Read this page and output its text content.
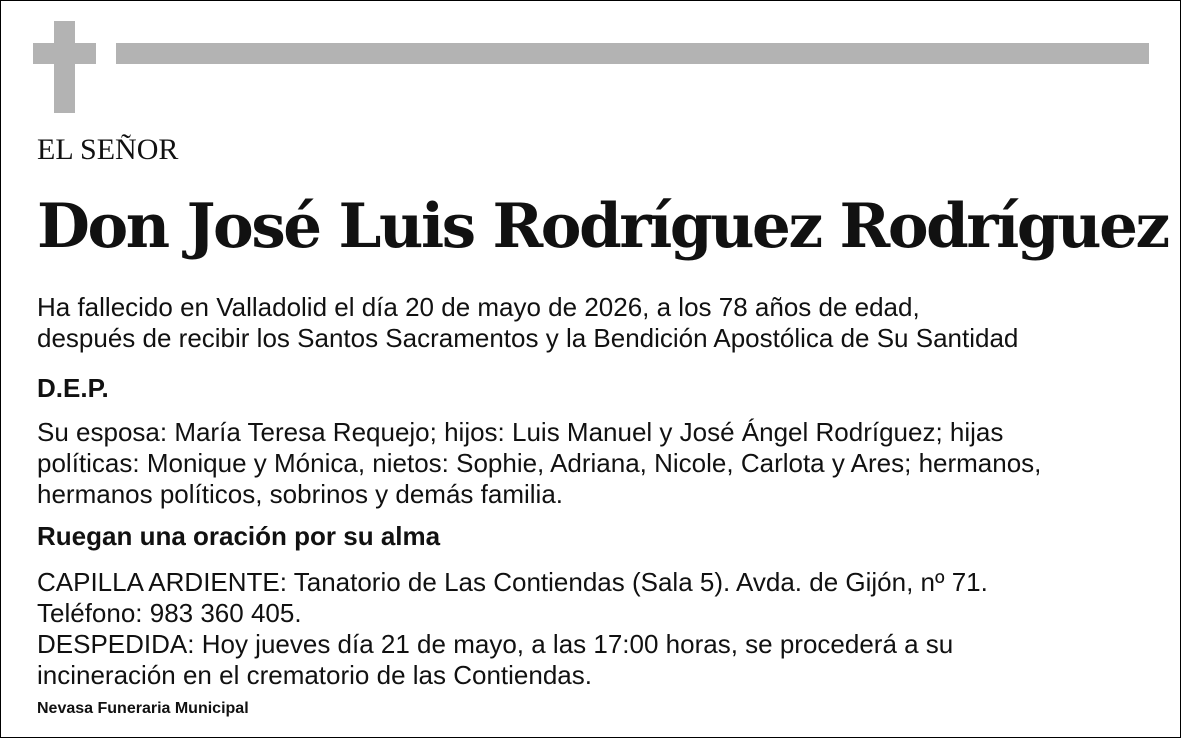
EL SEÑOR
Don José Luis Rodríguez Rodríguez
Ha fallecido en Valladolid el día 20 de mayo de 2026, a los 78 años de edad,
después de recibir los Santos Sacramentos y la Bendición Apostólica de Su Santidad
D.E.P.
Su esposa: María Teresa Requejo; hijos: Luis Manuel y José Ángel Rodríguez; hijas
políticas: Monique y Mónica, nietos: Sophie, Adriana, Nicole, Carlota y Ares; hermanos,
hermanos políticos, sobrinos y demás familia.
Ruegan una oración por su alma
CAPILLA ARDIENTE: Tanatorio de Las Contiendas (Sala 5). Avda. de Gijón, nº 71.
Teléfono: 983 360 405.
DESPEDIDA: Hoy jueves día 21 de mayo, a las 17:00 horas, se procederá a su
incineración en el crematorio de las Contiendas.
Nevasa Funeraria Municipal
